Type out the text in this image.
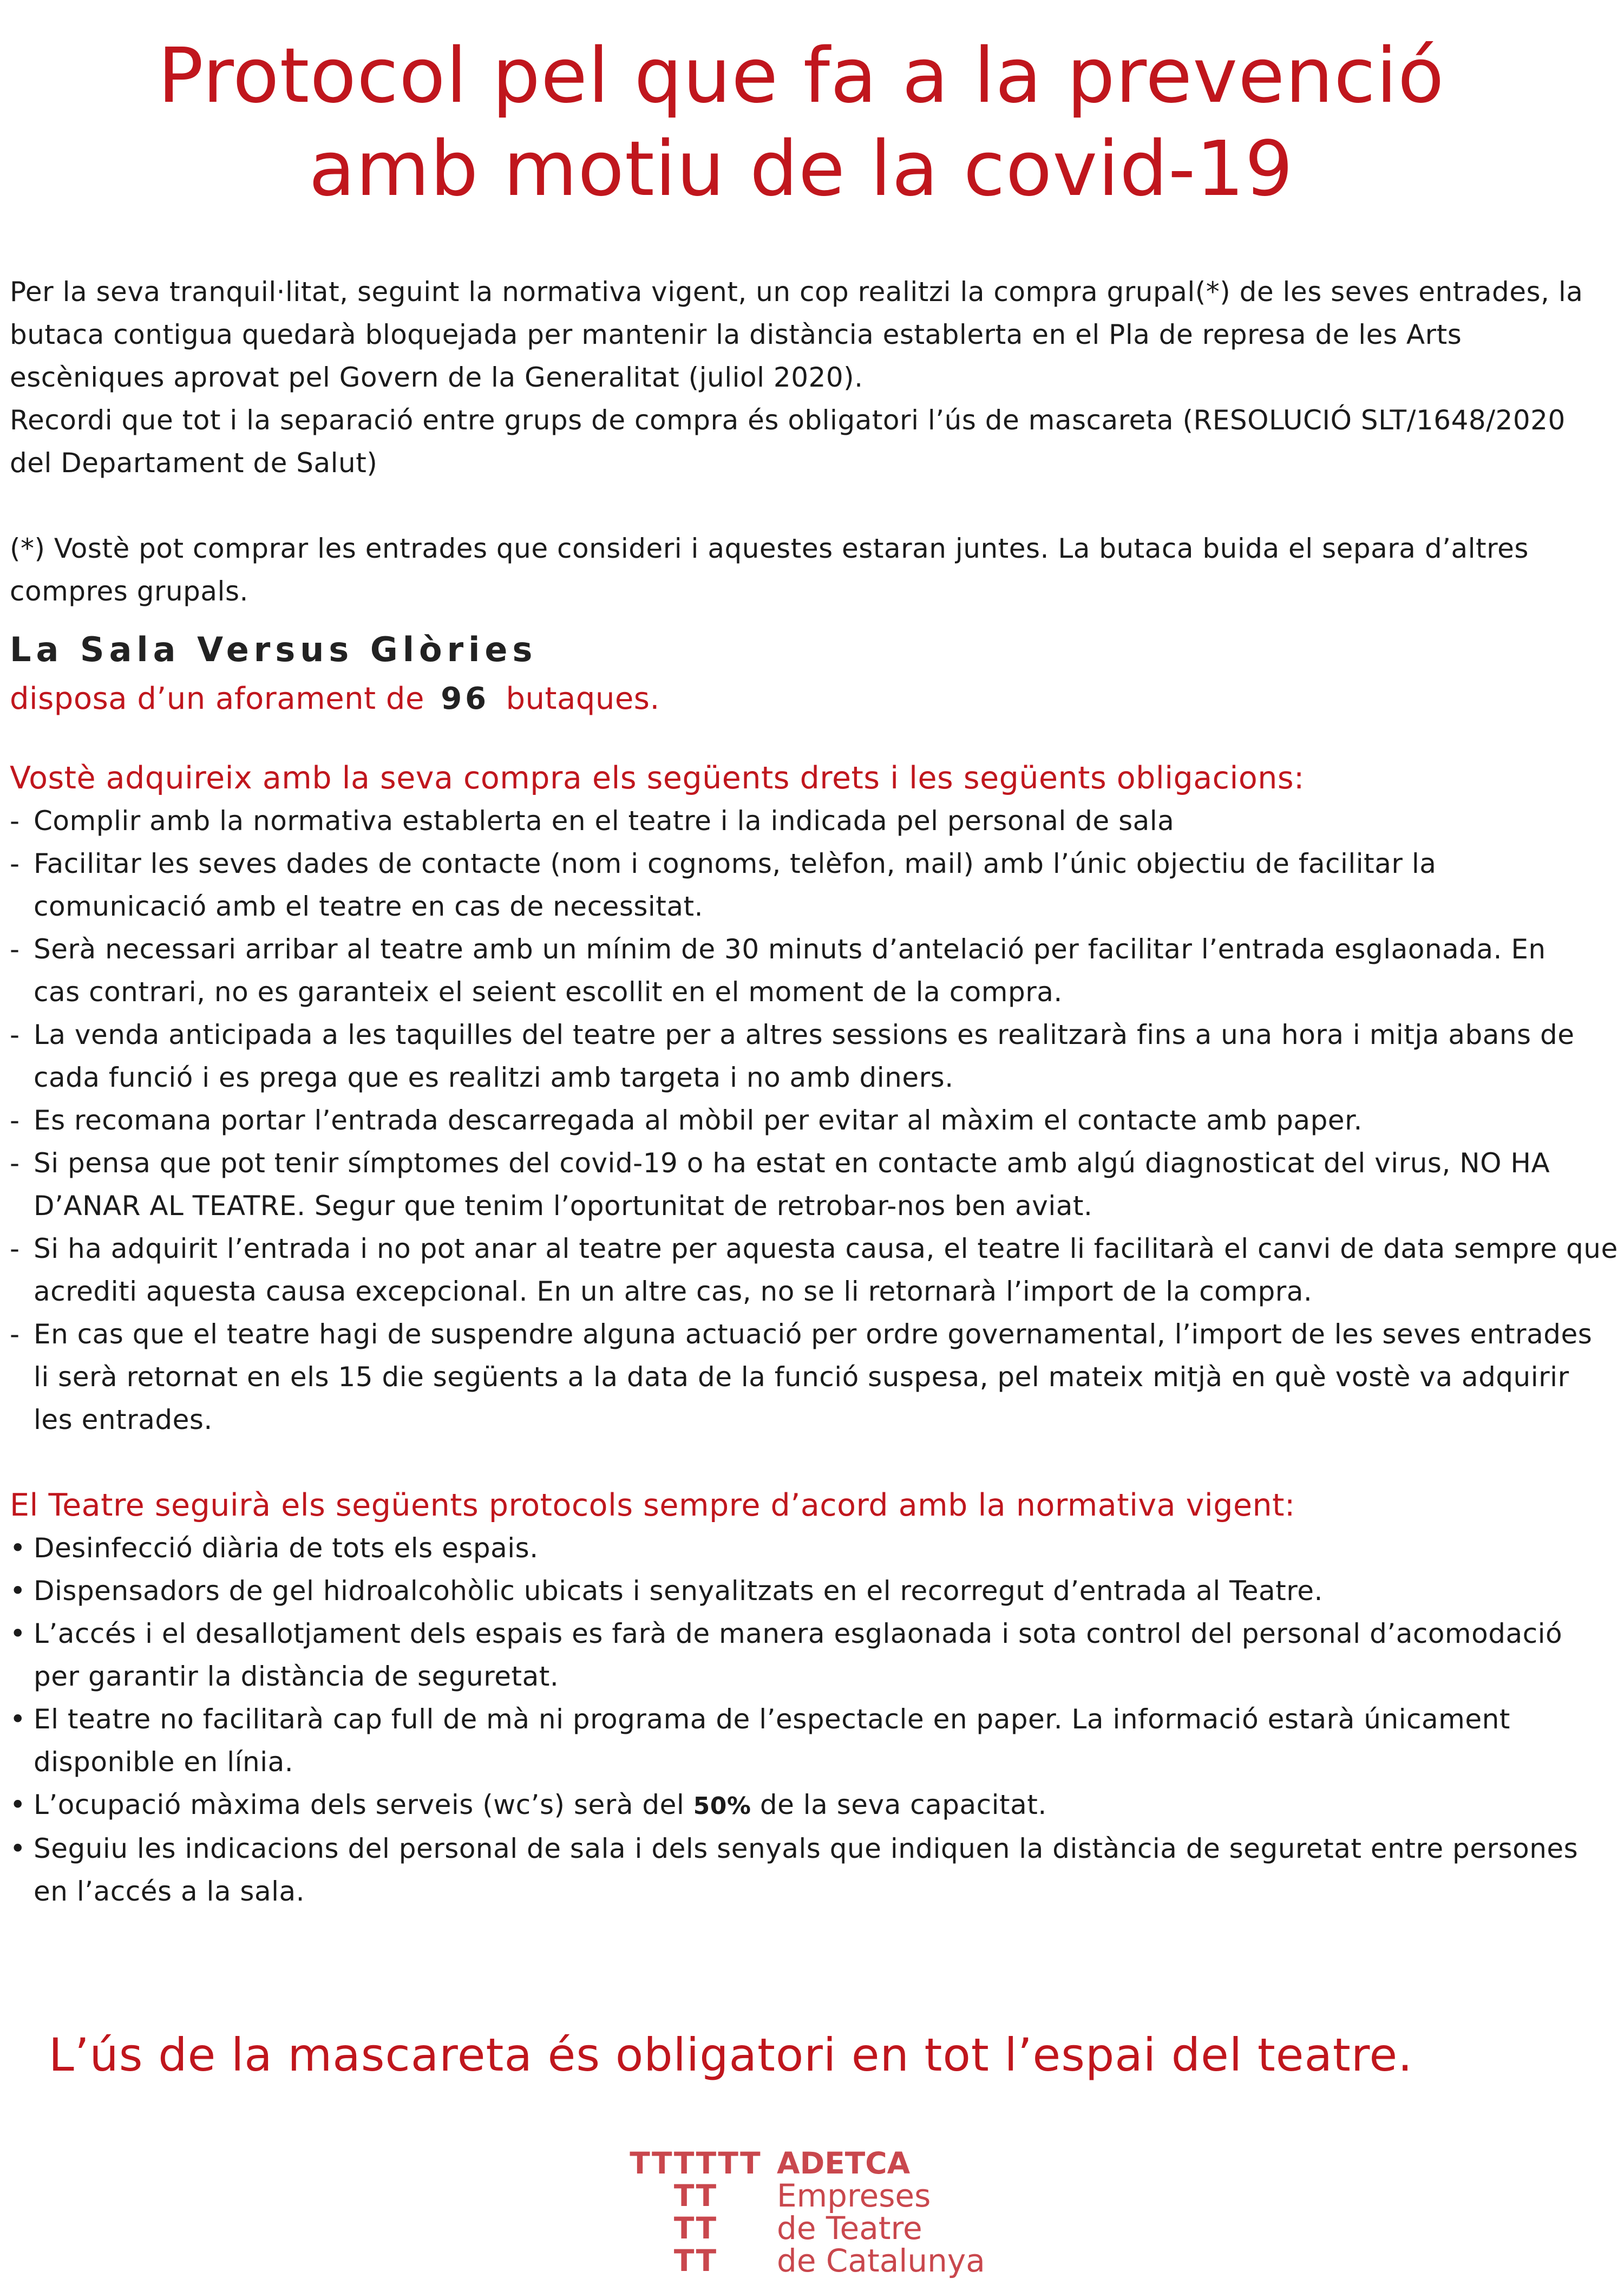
Protocol pel que fa a la prevenció
amb motiu de la covid-19

Per la seva tranquil·litat, seguint la normativa vigent, un cop realitzi la compra grupal(*) de les seves entrades, la

butaca contigua quedarà bloquejada per mantenir la distància establerta en el Pla de represa de les Arts

escèniques aprovat pel Govern de la Generalitat (juliol 2020).

Recordi que tot i la separació entre grups de compra és obligatori l’ús de mascareta (RESOLUCIÓ SLT/1648/2020

del Departament de Salut)

(*) Vostè pot comprar les entrades que consideri i aquestes estaran juntes. La butaca buida el separa d’altres

compres grupals.

La Sala Versus Glòries
disposa d’un aforament de 96 butaques.
Vostè adquireix amb la seva compra els següents drets i les següents obligacions:
- Complir amb la normativa establerta en el teatre i la indicada pel personal de sala
- Facilitar les seves dades de contacte (nom i cognoms, telèfon, mail) amb l’únic objectiu de facilitar la
comunicació amb el teatre en cas de necessitat.
- Serà necessari arribar al teatre amb un mínim de 30 minuts d’antelació per facilitar l’entrada esglaonada. En
cas contrari, no es garanteix el seient escollit en el moment de la compra.
- La venda anticipada a les taquilles del teatre per a altres sessions es realitzarà fins a una hora i mitja abans de
cada funció i es prega que es realitzi amb targeta i no amb diners.
- Es recomana portar l’entrada descarregada al mòbil per evitar al màxim el contacte amb paper.
- Si pensa que pot tenir símptomes del covid-19 o ha estat en contacte amb algú diagnosticat del virus, NO HA
D’ANAR AL TEATRE. Segur que tenim l’oportunitat de retrobar-nos ben aviat.
- Si ha adquirit l’entrada i no pot anar al teatre per aquesta causa, el teatre li facilitarà el canvi de data sempre que
acrediti aquesta causa excepcional. En un altre cas, no se li retornarà l’import de la compra.
- En cas que el teatre hagi de suspendre alguna actuació per ordre governamental, l’import de les seves entrades
li serà retornat en els 15 die següents a la data de la funció suspesa, pel mateix mitjà en què vostè va adquirir
les entrades.
El Teatre seguirà els següents protocols sempre d’acord amb la normativa vigent:
• Desinfecció diària de tots els espais.
• Dispensadors de gel hidroalcohòlic ubicats i senyalitzats en el recorregut d’entrada al Teatre.
• L’accés i el desallotjament dels espais es farà de manera esglaonada i sota control del personal d’acomodació
per garantir la distància de seguretat.
• El teatre no facilitarà cap full de mà ni programa de l’espectacle en paper. La informació estarà únicament
disponible en línia.
• L’ocupació màxima dels serveis (wc’s) serà del 50% de la seva capacitat.
• Seguiu les indicacions del personal de sala i dels senyals que indiquen la distància de seguretat entre persones
en l’accés a la sala.
L’ús de la mascareta és obligatori en tot l’espai del teatre.
TTTTTT
TT
TT
TT
ADETCA
Empreses
de Teatre
de Catalunya
